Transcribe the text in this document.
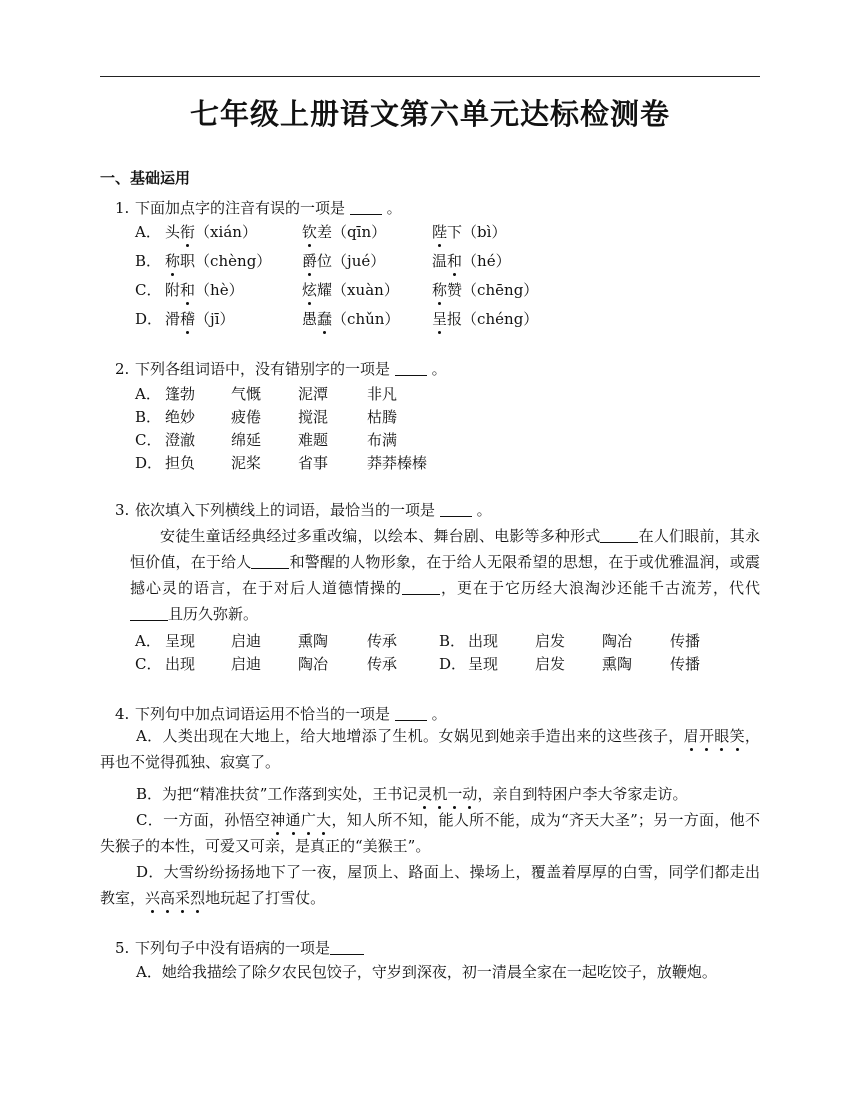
七年级上册语文第六单元达标检测卷
一、基础运用
1. 下面加点字的注音有误的一项是	。
A． 头衔（xián）	钦差（qīn）	陛下（bì）
B． 称职（chèng） 爵位（jué）	温和（hé）
C． 附和（hè）	炫耀（xuàn） 称赞（chēng）
D． 滑稽（jī）	愚蠢（chǔn） 呈报（chéng）
2. 下列各组词语中，没有错别字的一项是	。
A． 篷勃 气慨 泥潭	非凡
B． 绝妙 疲倦 搅混	枯腾
C． 澄澈 绵延 难题	布满
D． 担负 泥桨 省事	莽莽榛榛
3. 依次填入下列横线上的词语，最恰当的一项是	。
安徒生童话经典经过多重改编，以绘本、舞台剧、电影等多种形式	在人们眼前，其永恒价值，在于给人	和警醒的人物形象，在于给人无限希望的思想，在于或优雅温润，或震撼心灵的语言，在于对后人道德情操的	，更在于它历经大浪淘沙还能千古流芳，代代且历久弥新。
A． 呈现 启迪 熏陶	传承	B． 出现 启发 陶冶	传播
C． 出现 启迪 陶冶	传承	D． 呈现 启发 熏陶	传播
4. 下列句中加点词语运用不恰当的一项是	。
A．人类出现在大地上，给大地增添了生机。女娲见到她亲手造出来的这些孩子，眉开眼笑，再也不觉得孤独、寂寞了。
B．为把“精准扶贫”工作落到实处，王书记灵机一动，亲自到特困户李大爷家走访。
C．一方面，孙悟空神通广大，知人所不知，能人所不能，成为“齐天大圣”；另一方面，他不失猴子的本性，可爱又可亲，是真正的“美猴王”。
D．大雪纷纷扬扬地下了一夜，屋顶上、路面上、操场上，覆盖着厚厚的白雪，同学们都走出教室，兴高采烈地玩起了打雪仗。
5. 下列句子中没有语病的一项是
A．她给我描绘了除夕农民包饺子，守岁到深夜，初一清晨全家在一起吃饺子，放鞭炮。
